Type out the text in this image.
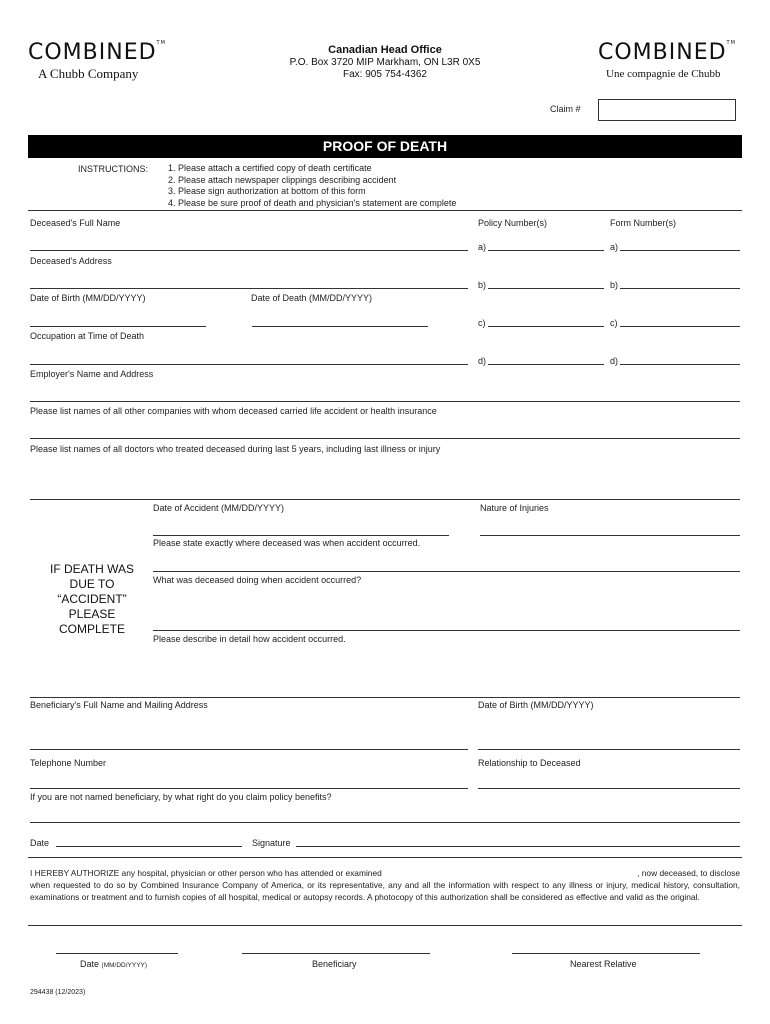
COMBINED™
A Chubb Company
Canadian Head Office
P.O. Box 3720 MIP Markham, ON L3R 0X5
Fax: 905 754-4362
COMBINED™
Une compagnie de Chubb
Claim #
PROOF OF DEATH
INSTRUCTIONS: 1. Please attach a certified copy of death certificate
2. Please attach newspaper clippings describing accident
3. Please sign authorization at bottom of this form
4. Please be sure proof of death and physician's statement are complete
Deceased's Full Name	Policy Number(s)	Form Number(s)
a)	a)
Deceased's Address
b)	b)
Date of Birth (MM/DD/YYYY)	Date of Death (MM/DD/YYYY)
c)	c)
Occupation at Time of Death
d)	d)
Employer's Name and Address
Please list names of all other companies with whom deceased carried life accident or health insurance
Please list names of all doctors who treated deceased during last 5 years, including last illness or injury
IF DEATH WAS
DUE TO
“ACCIDENT”
PLEASE
COMPLETE
Date of Accident (MM/DD/YYYY)	Nature of Injuries
Please state exactly where deceased was when accident occurred.
What was deceased doing when accident occurred?
Please describe in detail how accident occurred.
Beneficiary's Full Name and Mailing Address	Date of Birth (MM/DD/YYYY)
Telephone Number	Relationship to Deceased
If you are not named beneficiary, by what right do you claim policy benefits?
Date	Signature
I HEREBY AUTHORIZE any hospital, physician or other person who has attended or examined	, now deceased, to disclose
when requested to do so by Combined Insurance Company of America, or its representative, any and all the information with respect to any illness or injury, medical history, consultation, examinations or treatment and to furnish copies of all hospital, medical or autopsy records. A photocopy of this authorization shall be considered as effective and valid as the original.
Date (MM/DD/YYYY)	Beneficiary	Nearest Relative
294438 (12/2023)
